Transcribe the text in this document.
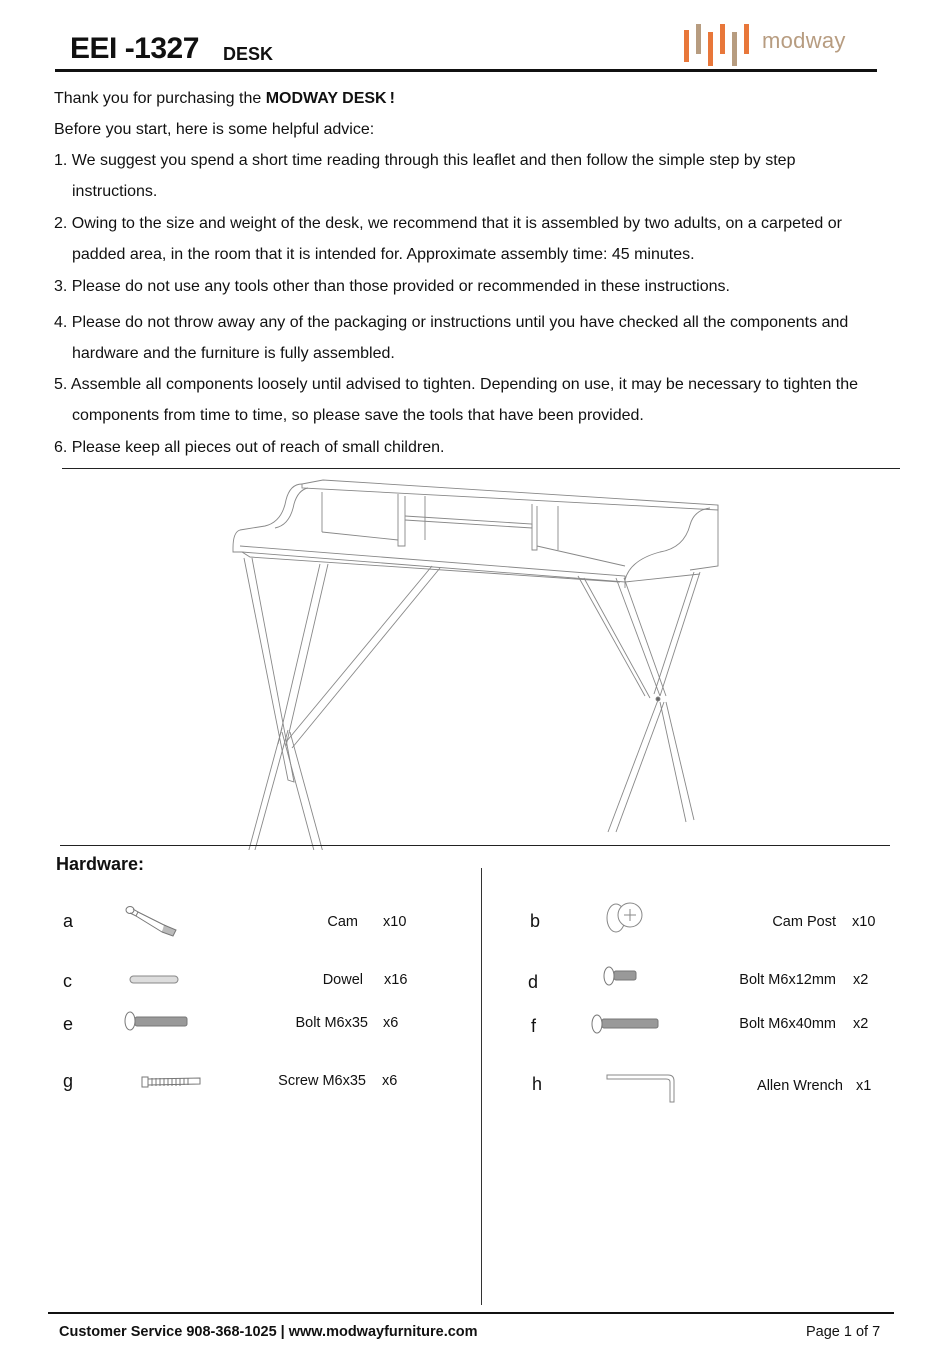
EEI -1327 DESK
modway
Thank you for purchasing the MODWAY DESK !
Before you start, here is some helpful advice:
1. We suggest you spend a short time reading through this leaflet and then follow the simple step by step
instructions.
2. Owing to the size and weight of the desk, we recommend that it is assembled by two adults, on a carpeted or
padded area, in the room that it is intended for. Approximate assembly time: 45 minutes.
3. Please do not use any tools other than those provided or recommended in these instructions.
4. Please do not throw away any of the packaging or instructions until you have checked all the components and
hardware and the furniture is fully assembled.
5. Assemble all components loosely until advised to tighten. Depending on use, it may be necessary to tighten the
components from time to time, so please save the tools that have been provided.
6. Please keep all pieces out of reach of small children.
Hardware:
a	Cam x10
c	Dowel x16
e	Bolt M6x35 x6
g	Screw M6x35 x6
b	Cam Post x10
d	Bolt M6x12mm x2
f	Bolt M6x40mm x2
h	Allen Wrench x1
Customer Service 908-368-1025 | www.modwayfurniture.com	Page 1 of 7
